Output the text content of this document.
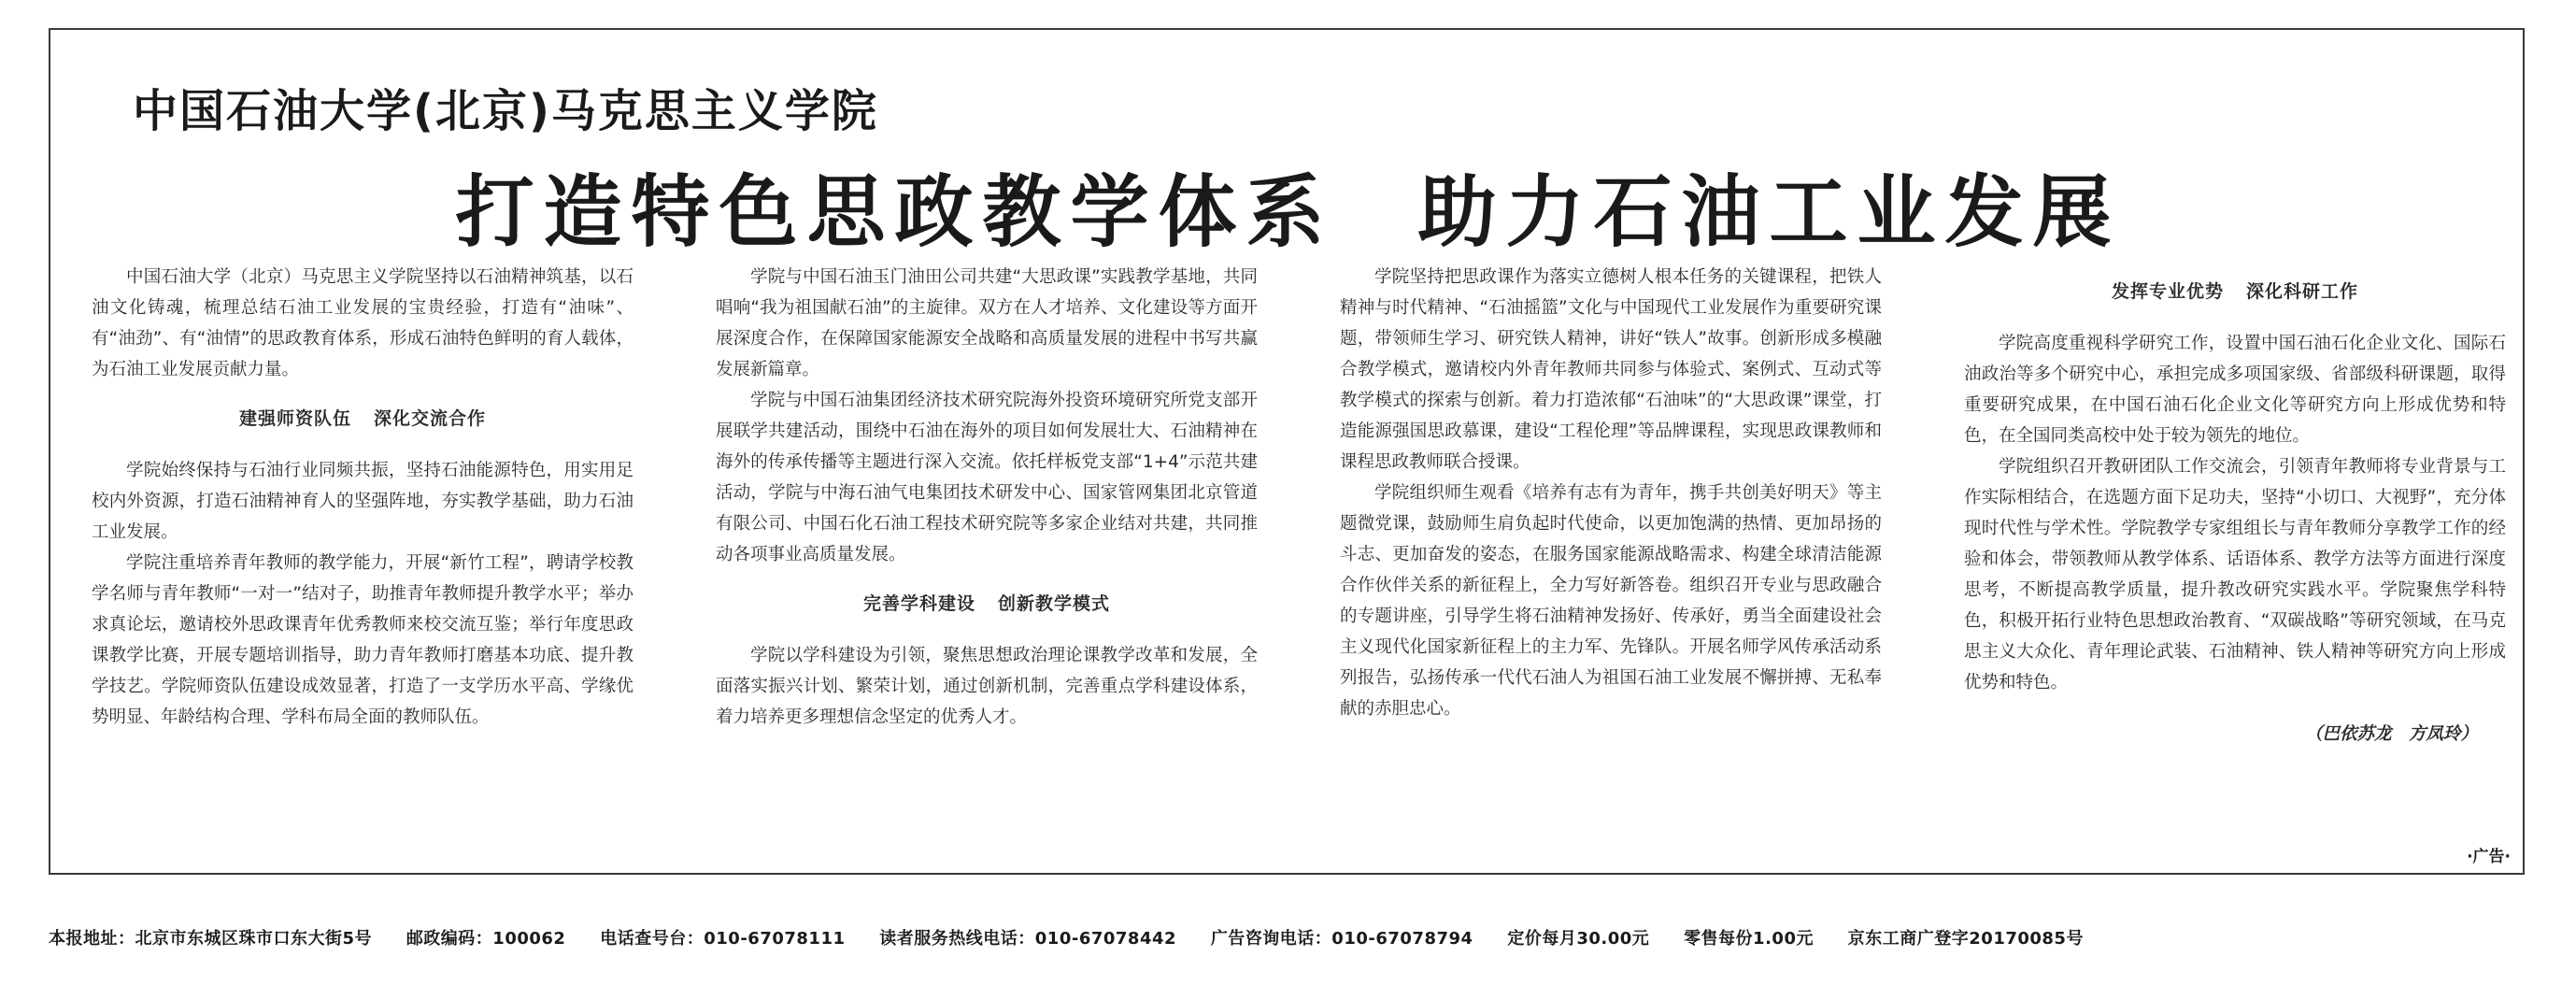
中国石油大学(北京)马克思主义学院
打造特色思政教学体系 助力石油工业发展

中国石油大学（北京）马克思主义学院坚持以石油精神筑基，以石油文化铸魂，梳理总结石油工业发展的宝贵经验，打造有“油味”、有“油劲”、有“油情”的思政教育体系，形成石油特色鲜明的育人载体，为石油工业发展贡献力量。

建强师资队伍 深化交流合作

学院始终保持与石油行业同频共振，坚持石油能源特色，用实用足校内外资源，打造石油精神育人的坚强阵地，夯实教学基础，助力石油工业发展。

学院注重培养青年教师的教学能力，开展“新竹工程”，聘请学校教学名师与青年教师“一对一”结对子，助推青年教师提升教学水平；举办求真论坛，邀请校外思政课青年优秀教师来校交流互鉴；举行年度思政课教学比赛，开展专题培训指导，助力青年教师打磨基本功底、提升教学技艺。学院师资队伍建设成效显著，打造了一支学历水平高、学缘优势明显、年龄结构合理、学科布局全面的教师队伍。

学院与中国石油玉门油田公司共建“大思政课”实践教学基地，共同唱响“我为祖国献石油”的主旋律。双方在人才培养、文化建设等方面开展深度合作，在保障国家能源安全战略和高质量发展的进程中书写共赢发展新篇章。

学院与中国石油集团经济技术研究院海外投资环境研究所党支部开展联学共建活动，围绕中石油在海外的项目如何发展壮大、石油精神在海外的传承传播等主题进行深入交流。依托样板党支部“1+4”示范共建活动，学院与中海石油气电集团技术研发中心、国家管网集团北京管道有限公司、中国石化石油工程技术研究院等多家企业结对共建，共同推动各项事业高质量发展。

完善学科建设 创新教学模式

学院以学科建设为引领，聚焦思想政治理论课教学改革和发展，全面落实振兴计划、繁荣计划，通过创新机制，完善重点学科建设体系，着力培养更多理想信念坚定的优秀人才。

学院坚持把思政课作为落实立德树人根本任务的关键课程，把铁人精神与时代精神、“石油摇篮”文化与中国现代工业发展作为重要研究课题，带领师生学习、研究铁人精神，讲好“铁人”故事。创新形成多模融合教学模式，邀请校内外青年教师共同参与体验式、案例式、互动式等教学模式的探索与创新。着力打造浓郁“石油味”的“大思政课”课堂，打造能源强国思政慕课，建设“工程伦理”等品牌课程，实现思政课教师和课程思政教师联合授课。

学院组织师生观看《培养有志有为青年，携手共创美好明天》等主题微党课，鼓励师生肩负起时代使命，以更加饱满的热情、更加昂扬的斗志、更加奋发的姿态，在服务国家能源战略需求、构建全球清洁能源合作伙伴关系的新征程上，全力写好新答卷。组织召开专业与思政融合的专题讲座，引导学生将石油精神发扬好、传承好，勇当全面建设社会主义现代化国家新征程上的主力军、先锋队。开展名师学风传承活动系列报告，弘扬传承一代代石油人为祖国石油工业发展不懈拼搏、无私奉献的赤胆忠心。

发挥专业优势 深化科研工作

学院高度重视科学研究工作，设置中国石油石化企业文化、国际石油政治等多个研究中心，承担完成多项国家级、省部级科研课题，取得重要研究成果，在中国石油石化企业文化等研究方向上形成优势和特色，在全国同类高校中处于较为领先的地位。

学院组织召开教研团队工作交流会，引领青年教师将专业背景与工作实际相结合，在选题方面下足功夫，坚持“小切口、大视野”，充分体现时代性与学术性。学院教学专家组组长与青年教师分享教学工作的经验和体会，带领教师从教学体系、话语体系、教学方法等方面进行深度思考，不断提高教学质量，提升教改研究实践水平。学院聚焦学科特色，积极开拓行业特色思想政治教育、“双碳战略”等研究领域，在马克思主义大众化、青年理论武装、石油精神、铁人精神等研究方向上形成优势和特色。

（巴依苏龙　方凤玲）
·广告·
本报地址：北京市东城区珠市口东大街5号 邮政编码：100062 电话查号台：010-67078111 读者服务热线电话：010-67078442 广告咨询电话：010-67078794 定价每月30.00元 零售每份1.00元 京东工商广登字20170085号
